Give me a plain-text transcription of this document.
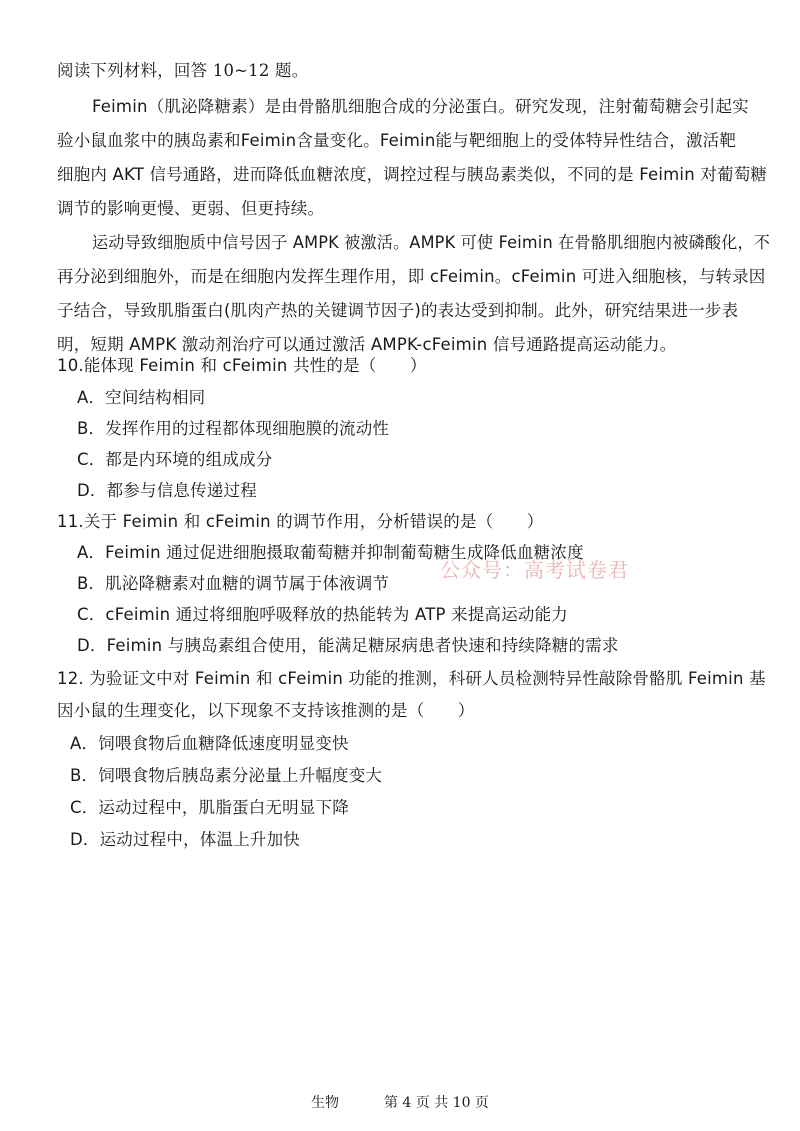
阅读下列材料，回答 10~12 题。
Feimin（肌泌降糖素）是由骨骼肌细胞合成的分泌蛋白。研究发现，注射葡萄糖会引起实
验小鼠血浆中的胰岛素和Feimin含量变化。Feimin能与靶细胞上的受体特异性结合，激活靶
细胞内 AKT 信号通路，进而降低血糖浓度，调控过程与胰岛素类似，不同的是 Feimin 对葡萄糖
调节的影响更慢、更弱、但更持续。
运动导致细胞质中信号因子 AMPK 被激活。AMPK 可使 Feimin 在骨骼肌细胞内被磷酸化，不
再分泌到细胞外，而是在细胞内发挥生理作用，即 cFeimin。cFeimin 可进入细胞核，与转录因
子结合，导致肌脂蛋白(肌肉产热的关键调节因子)的表达受到抑制。此外，研究结果进一步表
明，短期 AMPK 激动剂治疗可以通过激活 AMPK-cFeimin 信号通路提高运动能力。
10.能体现 Feimin 和 cFeimin 共性的是（　　）
A．空间结构相同
B．发挥作用的过程都体现细胞膜的流动性
C．都是内环境的组成成分
D．都参与信息传递过程
11.关于 Feimin 和 cFeimin 的调节作用，分析错误的是（　　）
A．Feimin 通过促进细胞摄取葡萄糖并抑制葡萄糖生成降低血糖浓度
B．肌泌降糖素对血糖的调节属于体液调节
C．cFeimin 通过将细胞呼吸释放的热能转为 ATP 来提高运动能力
D．Feimin 与胰岛素组合使用，能满足糖尿病患者快速和持续降糖的需求
12. 为验证文中对 Feimin 和 cFeimin 功能的推测，科研人员检测特异性敲除骨骼肌 Feimin 基
因小鼠的生理变化，以下现象不支持该推测的是（　　）
A．饲喂食物后血糖降低速度明显变快
B．饲喂食物后胰岛素分泌量上升幅度变大
C．运动过程中，肌脂蛋白无明显下降
D．运动过程中，体温上升加快
公众号：高考试卷君
生物	第 4 页 共 10 页
